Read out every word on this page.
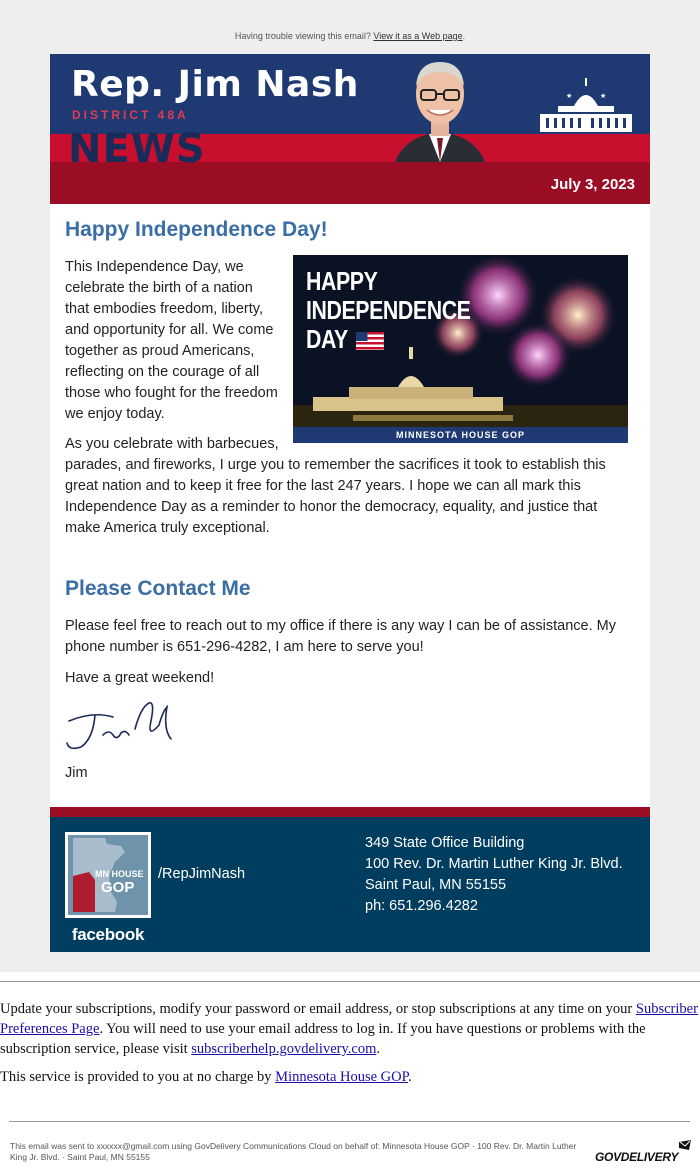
Having trouble viewing this email? View it as a Web page.
Rep. Jim Nash
DISTRICT 48A
NEWS
★	★
July 3, 2023
Happy Independence Day!
HAPPY
INDEPENDENCE
DAY
MINNESOTA HOUSE GOP
This Independence Day, we
celebrate the birth of a nation
that embodies freedom, liberty,
and opportunity for all. We come
together as proud Americans,
reflecting on the courage of all
those who fought for the freedom
we enjoy today.
As you celebrate with barbecues,
parades, and fireworks, I urge you to remember the sacrifices it took to establish this great nation and to keep it free for the last 247 years. I hope we can all mark this Independence Day as a reminder to honor the democracy, equality, and justice that make America truly exceptional.
Please Contact Me
Please feel free to reach out to my office if there is any way I can be of assistance. My phone number is 651-296-4282, I am here to serve you!
Have a great weekend!
Jim
MN HOUSE
GOP
facebook
/RepJimNash
349 State Office Building
100 Rev. Dr. Martin Luther King Jr. Blvd.
Saint Paul, MN 55155
ph: 651.296.4282
Update your subscriptions, modify your password or email address, or stop subscriptions at any time on your Subscriber Preferences Page. You will need to use your email address to log in. If you have questions or problems with the subscription service, please visit subscriberhelp.govdelivery.com.
This service is provided to you at no charge by Minnesota House GOP.
This email was sent to xxxxxx@gmail.com using GovDelivery Communications Cloud on behalf of: Minnesota House GOP · 100 Rev. Dr. Martin Luther King Jr. Blvd. · Saint Paul, MN 55155	GOVDELIVERY
